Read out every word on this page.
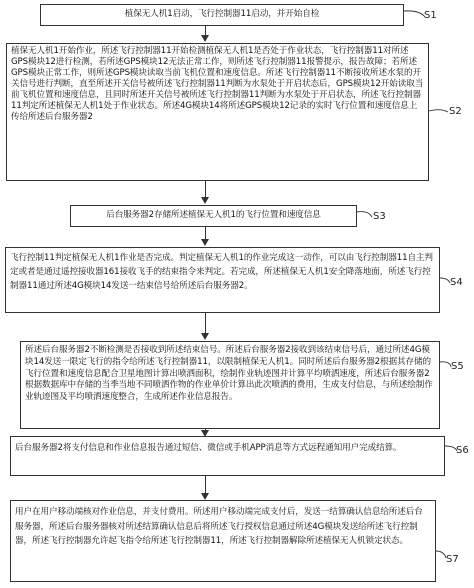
植保无人机1启动，飞行控制器11启动，并开始自检	S1
植保无人机1开始作业，所述飞行控制器11开始检测植保无人机1是否处于作业状态，飞行控制器11对所述GPS模块12进行检测，若所述GPS模块12无法正常工作，则所述飞行控制器11报警提示，报告故障；若所述GPS模块正常工作，则所述GPS模块读取当前飞机位置和速度信息。所述飞行控制器11不断接收所述水泵的开关信号进行判断，直至所述开关信号被所述飞行控制器11判断为水泵处于开启状态后，GPS模块12开始读取当前飞机位置和速度信息，且同时所述开关信号被所述飞行控制器11判断为水泵处于开启状态，所述飞行控制器11判定所述植保无人机1处于作业状态。所述4G模块14将所述GPS模块12记录的实时飞行位置和速度信息上传给所述后台服务器2	S2
后台服务器2存储所述植保无人机1的飞行位置和速度信息	S3
飞行控制11判定植保无人机1作业是否完成。判定植保无人机1的作业完成这一动作，可以由飞行控制器11自主判定或者是通过遥控接收器161接收飞手的结束指令来判定。若完成，所述植保无人机1安全降落地面，所述飞行控制器11通过所述4G模块14发送一结束信号给所述后台服务器2。	S4
所述后台服务器2不断检测是否接收到所述结束信号。所述后台服务器2接收到该结束信号后，通过所述4G模块14发送一限定飞行的指令给所述飞行控制器11，以限制植保无人机1。同时所述后台服务器2根据其存储的飞行位置和速度信息配合卫星地图计算出喷洒面积，绘制作业轨迹图并计算平均喷洒速度，所述后台服务器2根据数据库中存储的当季当地不同喷洒作物的作业单价计算出此次喷洒的费用，生成支付信息，与所述绘制作业轨迹图及平均喷洒速度整合，生成所述作业信息报告。
S5
后台服务器2将支付信息和作业信息报告通过短信、微信或手机APP消息等方式远程通知用户完成结算。	S6
用户在用户移动端核对作业信息，并支付费用。所述用户移动端完成支付后，发送一结算确认信息给所述后台服务器，所述后台服务器核对所述结算确认信息后将所述飞行授权信息通过所述4G模块发送给所述飞行控制器，所述飞行控制器允许起飞指令给所述飞行控制器11，所述飞行控制器解除所述植保无人机锁定状态。
S7
